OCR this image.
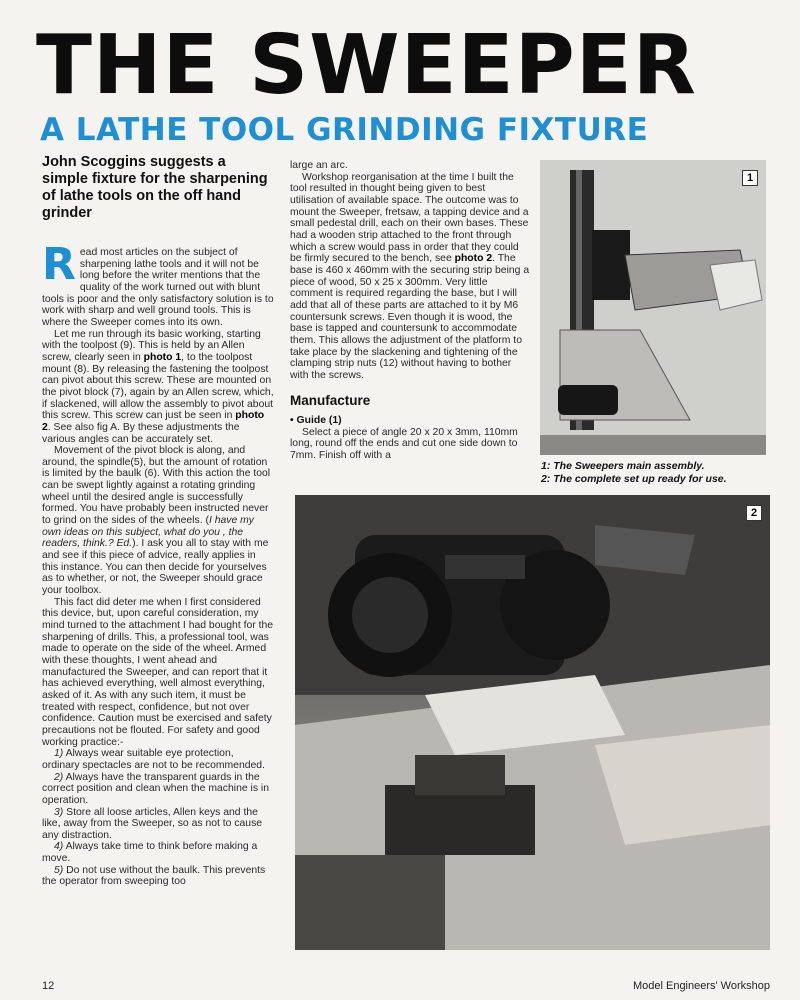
THE SWEEPER
A LATHE TOOL GRINDING FIXTURE
John Scoggins suggests a simple fixture for the sharpening of lathe tools on the off hand grinder

Read most articles on the subject of sharpening lathe tools and it will not be long before the writer mentions that the quality of the work turned out with blunt tools is poor and the only satisfactory solution is to work with sharp and well ground tools. This is where the Sweeper comes into its own.

Let me run through its basic working, starting with the toolpost (9). This is held by an Allen screw, clearly seen in photo 1, to the toolpost mount (8). By releasing the fastening the toolpost can pivot about this screw. These are mounted on the pivot block (7), again by an Allen screw, which, if slackened, will allow the assembly to pivot about this screw. This screw can just be seen in photo 2. See also fig A. By these adjustments the various angles can be accurately set.

Movement of the pivot block is along, and around, the spindle(5), but the amount of rotation is limited by the baulk (6). With this action the tool can be swept lightly against a rotating grinding wheel until the desired angle is successfully formed. You have probably been instructed never to grind on the sides of the wheels. (I have my own ideas on this subject, what do you , the readers, think.? Ed.). I ask you all to stay with me and see if this piece of advice, really applies in this instance. You can then decide for yourselves as to whether, or not, the Sweeper should grace your toolbox.

This fact did deter me when I first considered this device, but, upon careful consideration, my mind turned to the attachment I had bought for the sharpening of drills. This, a professional tool, was made to operate on the side of the wheel. Armed with these thoughts, I went ahead and manufactured the Sweeper, and can report that it has achieved everything, well almost everything, asked of it. As with any such item, it must be treated with respect, confidence, but not over confidence. Caution must be exercised and safety precautions not be flouted. For safety and good working practice:-

1) Always wear suitable eye protection, ordinary spectacles are not to be recommended.

2) Always have the transparent guards in the correct position and clean when the machine is in operation.

3) Store all loose articles, Allen keys and the like, away from the Sweeper, so as not to cause any distraction.

4) Always take time to think before making a move.

5) Do not use without the baulk. This prevents the operator from sweeping too

large an arc.

Workshop reorganisation at the time I built the tool resulted in thought being given to best utilisation of available space. The outcome was to mount the Sweeper, fretsaw, a tapping device and a small pedestal drill, each on their own bases. These had a wooden strip attached to the front through which a screw would pass in order that they could be firmly secured to the bench, see photo 2. The base is 460 x 460mm with the securing strip being a piece of wood, 50 x 25 x 300mm. Very little comment is required regarding the base, but I will add that all of these parts are attached to it by M6 countersunk screws. Even though it is wood, the base is tapped and countersunk to accommodate them. This allows the adjustment of the platform to take place by the slackening and tightening of the clamping strip nuts (12) without having to bother with the screws.

Manufacture
• Guide (1)

Select a piece of angle 20 x 20 x 3mm, 110mm long, round off the ends and cut one side down to 7mm. Finish off with a

1
1: The Sweepers main assembly.
2: The complete set up ready for use.
2
12	Model Engineers' Workshop
